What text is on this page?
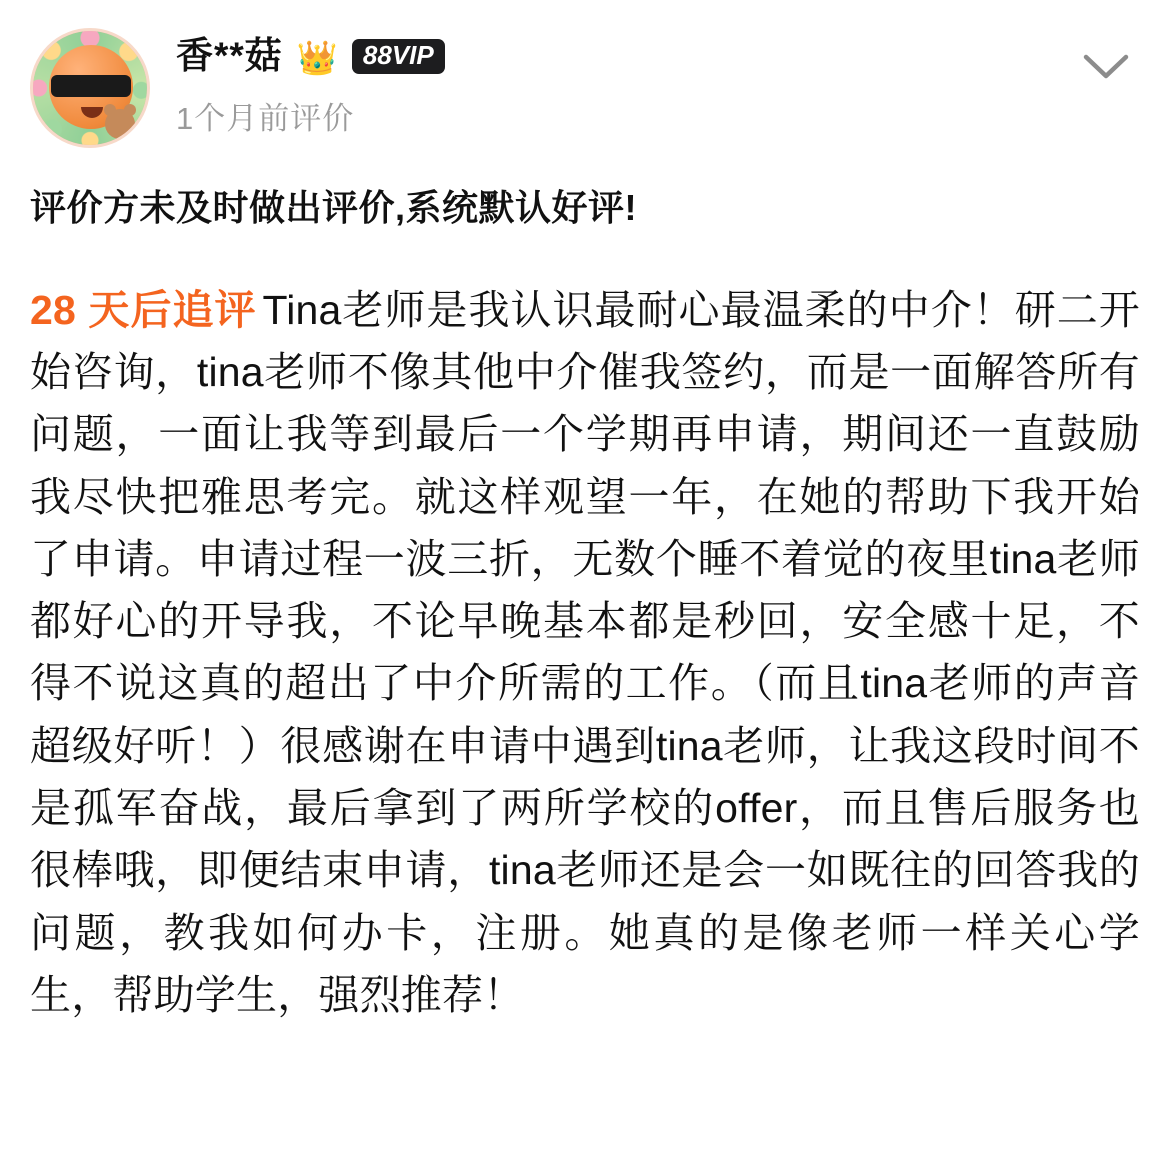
香**菇 👑 88VIP
1个月前评价
评价方未及时做出评价,系统默认好评!
28 天后追评 Tina老师是我认识最耐心最温柔的中介！研二开始咨询，tina老师不像其他中介催我签约，而是一面解答所有问题，一面让我等到最后一个学期再申请，期间还一直鼓励我尽快把雅思考完。就这样观望一年，在她的帮助下我开始了申请。申请过程一波三折，无数个睡不着觉的夜里tina老师都好心的开导我，不论早晚基本都是秒回，安全感十足，不得不说这真的超出了中介所需的工作。（而且tina老师的声音超级好听！）很感谢在申请中遇到tina老师，让我这段时间不是孤军奋战，最后拿到了两所学校的offer，而且售后服务也很棒哦，即便结束申请，tina老师还是会一如既往的回答我的问题，教我如何办卡，注册。她真的是像老师一样关心学生，帮助学生，强烈推荐！
